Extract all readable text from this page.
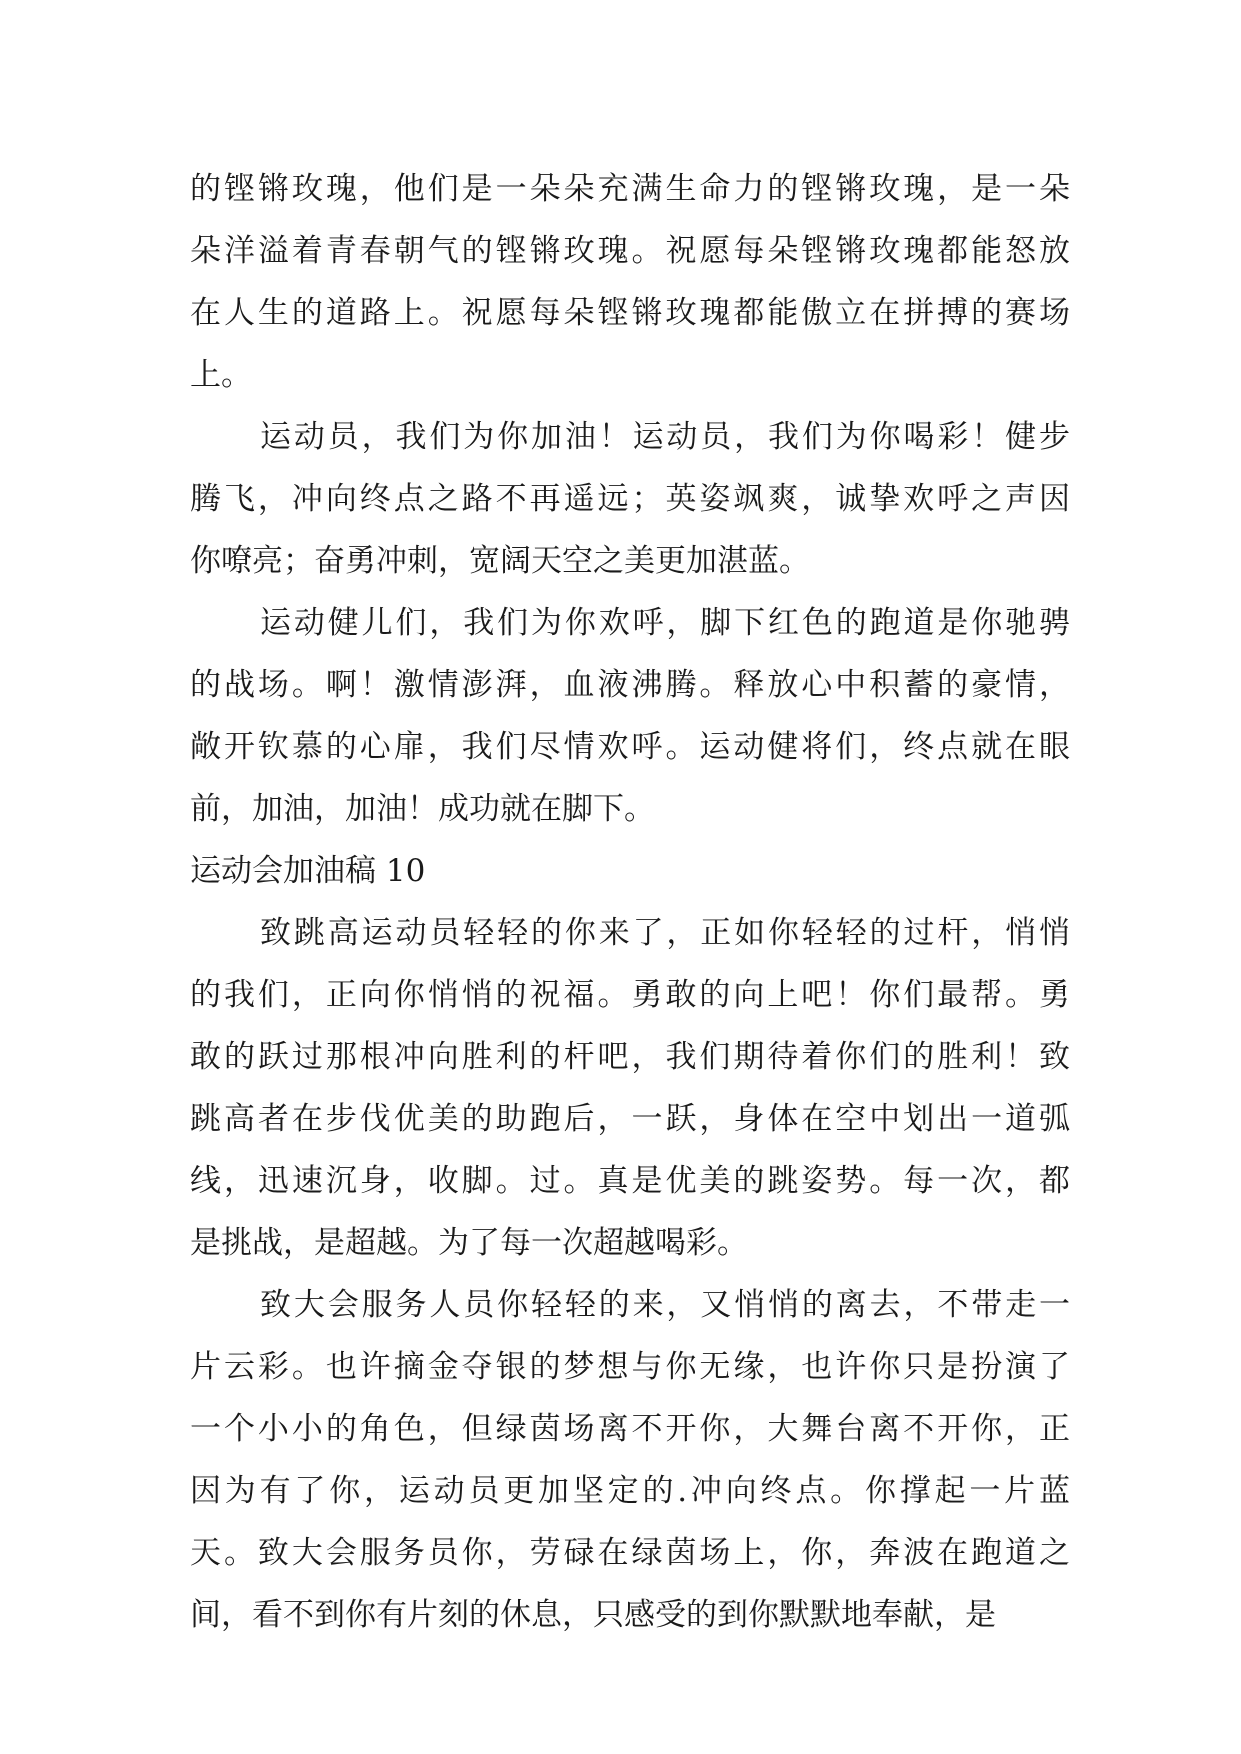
的铿锵玫瑰，他们是一朵朵充满生命力的铿锵玫瑰，是一朵
朵洋溢着青春朝气的铿锵玫瑰。祝愿每朵铿锵玫瑰都能怒放
在人生的道路上。祝愿每朵铿锵玫瑰都能傲立在拼搏的赛场
上。
运动员，我们为你加油！运动员，我们为你喝彩！健步
腾飞，冲向终点之路不再遥远；英姿飒爽，诚挚欢呼之声因
你嘹亮；奋勇冲刺，宽阔天空之美更加湛蓝。
运动健儿们，我们为你欢呼，脚下红色的跑道是你驰骋
的战场。啊！激情澎湃，血液沸腾。释放心中积蓄的豪情，
敞开钦慕的心扉，我们尽情欢呼。运动健将们，终点就在眼
前，加油，加油！成功就在脚下。
运动会加油稿 10
致跳高运动员轻轻的你来了，正如你轻轻的过杆，悄悄
的我们，正向你悄悄的祝福。勇敢的向上吧！你们最帮。勇
敢的跃过那根冲向胜利的杆吧，我们期待着你们的胜利！致
跳高者在步伐优美的助跑后，一跃，身体在空中划出一道弧
线，迅速沉身，收脚。过。真是优美的跳姿势。每一次，都
是挑战，是超越。为了每一次超越喝彩。
致大会服务人员你轻轻的来，又悄悄的离去，不带走一
片云彩。也许摘金夺银的梦想与你无缘，也许你只是扮演了
一个小小的角色，但绿茵场离不开你，大舞台离不开你，正
因为有了你，运动员更加坚定的.冲向终点。你撑起一片蓝
天。致大会服务员你，劳碌在绿茵场上，你，奔波在跑道之
间，看不到你有片刻的休息，只感受的到你默默地奉献，是
